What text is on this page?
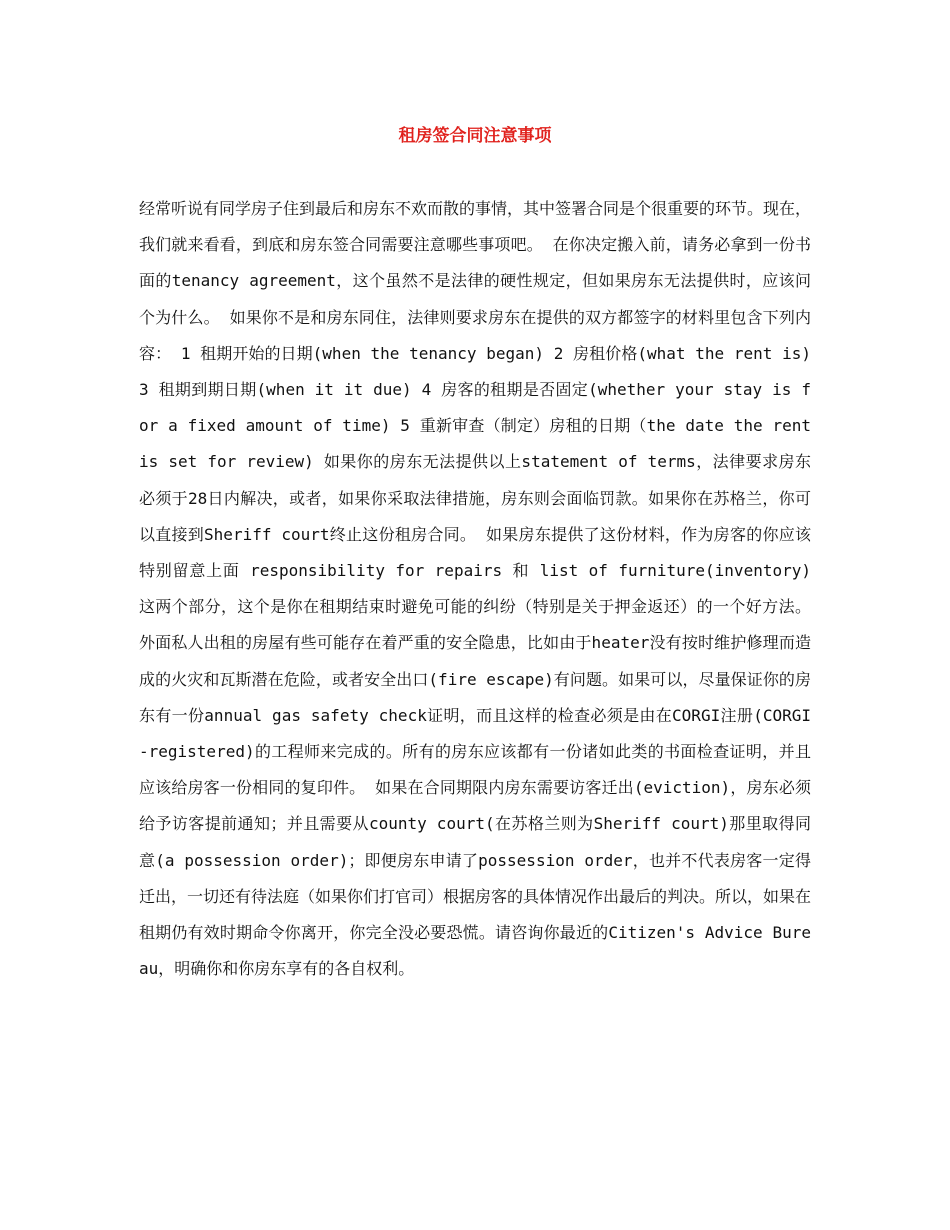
租房签合同注意事项

经常听说有同学房子住到最后和房东不欢而散的事情，其中签署合同是个很重要的环节。现在，我们就来看看，到底和房东签合同需要注意哪些事项吧。 在你决定搬入前，请务必拿到一份书面的tenancy agreement，这个虽然不是法律的硬性规定，但如果房东无法提供时，应该问个为什么。 如果你不是和房东同住，法律则要求房东在提供的双方都签字的材料里包含下列内容： 1 租期开始的日期(when the tenancy began) 2 房租价格(what the rent is) 3 租期到期日期(when it it due) 4 房客的租期是否固定(whether your stay is for a fixed amount of time) 5 重新审查（制定）房租的日期（the date the rent is set for review) 如果你的房东无法提供以上statement of terms，法律要求房东必须于28日内解决，或者，如果你采取法律措施，房东则会面临罚款。如果你在苏格兰，你可以直接到Sheriff court终止这份租房合同。 如果房东提供了这份材料，作为房客的你应该特别留意上面 responsibility for repairs 和 list of furniture(inventory)这两个部分，这个是你在租期结束时避免可能的纠纷（特别是关于押金返还）的一个好方法。 外面私人出租的房屋有些可能存在着严重的安全隐患，比如由于heater没有按时维护修理而造成的火灾和瓦斯潜在危险，或者安全出口(fire escape)有问题。如果可以，尽量保证你的房东有一份annual gas safety check证明，而且这样的检查必须是由在CORGI注册(CORGI-registered)的工程师来完成的。所有的房东应该都有一份诸如此类的书面检查证明，并且应该给房客一份相同的复印件。 如果在合同期限内房东需要访客迁出(eviction)，房东必须给予访客提前通知；并且需要从county court(在苏格兰则为Sheriff court)那里取得同意(a possession order)；即便房东申请了possession order，也并不代表房客一定得迁出，一切还有待法庭（如果你们打官司）根据房客的具体情况作出最后的判决。所以，如果在租期仍有效时期命令你离开，你完全没必要恐慌。请咨询你最近的Citizen's Advice Bureau，明确你和你房东享有的各自权利。
